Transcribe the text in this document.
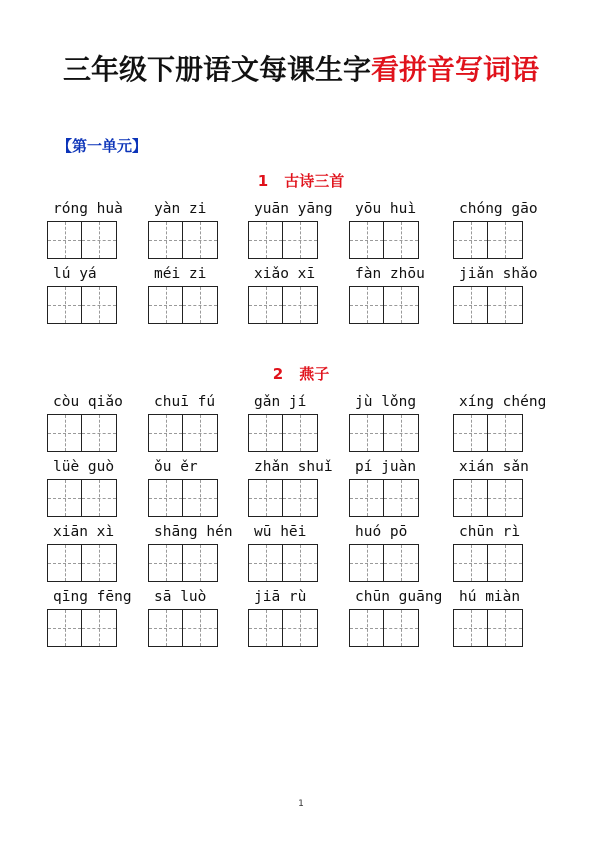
三年级下册语文每课生字看拼音写词语
【第一单元】
1 古诗三首
2 燕子
róng huà	yàn zi	yuān yāng	yōu huì	chóng gāo
lú yá	méi zi	xiǎo xī	fàn zhōu	jiǎn shǎo
còu qiǎo	chuī fú	gǎn jí	jù lǒng	xíng chéng
lüè guò	ǒu ěr	zhǎn shuǐ	pí juàn	xián sǎn
xiān xì	shāng hén	wū hēi	huó pō	chūn rì
qīng fēng	sā luò	jiā rù	chūn guāng	hú miàn
1
